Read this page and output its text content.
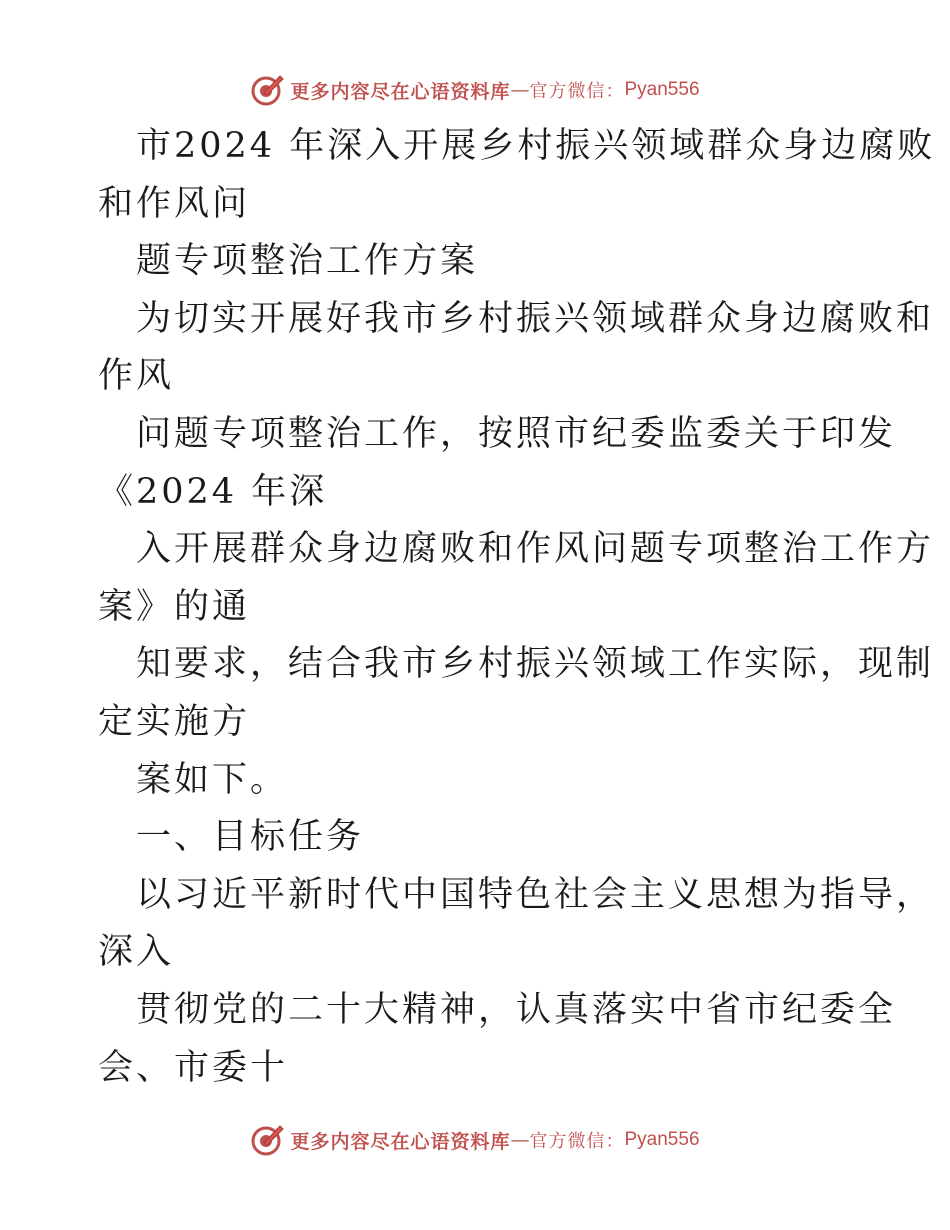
更多内容尽在心语资料库 — 官方微信： Pyan556
市2024 年深入开展乡村振兴领域群众身边腐败
和作风问
题专项整治工作方案
为切实开展好我市乡村振兴领域群众身边腐败和
作风
问题专项整治工作，按照市纪委监委关于印发
《2024 年深
入开展群众身边腐败和作风问题专项整治工作方
案》的通
知要求，结合我市乡村振兴领域工作实际，现制
定实施方
案如下。
一、目标任务
以习近平新时代中国特色社会主义思想为指导，
深入
贯彻党的二十大精神，认真落实中省市纪委全
会、市委十
更多内容尽在心语资料库 — 官方微信： Pyan556
